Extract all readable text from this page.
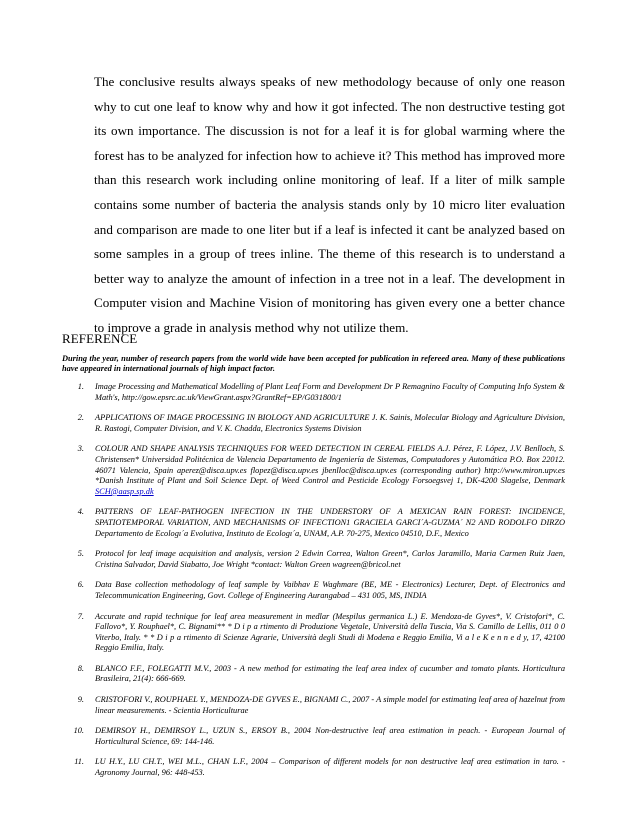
The conclusive results always speaks of new methodology because of only one reason why to cut one leaf to know why and how it got infected. The non destructive testing got its own importance. The discussion is not for a leaf it is for global warming where the forest has to be analyzed for infection how to achieve it? This method has improved more than this research work including online monitoring of leaf. If a liter of milk sample contains some number of bacteria the analysis stands only by 10 micro liter evaluation and comparison are made to one liter but if a leaf is infected it cant be analyzed based on some samples in a group of trees inline. The theme of this research is to understand a better way to analyze the amount of infection in a tree not in a leaf. The development in Computer vision and Machine Vision of monitoring has given every one a better chance to improve a grade in analysis method why not utilize them.

REFERENCE

During the year, number of research papers from the world wide have been accepted for publication in refereed area. Many of these publications have appeared in international journals of high impact factor.

1.	Image Processing and Mathematical Modelling of Plant Leaf Form and Development Dr P Remagnino Faculty of Computing Info System & Math's, http://gow.epsrc.ac.uk/ViewGrant.aspx?GrantRef=EP/G031800/1
2.	APPLICATIONS OF IMAGE PROCESSING IN BIOLOGY AND AGRICULTURE J. K. Sainis, Molecular Biology and Agriculture Division, R. Rastogi, Computer Division, and V. K. Chadda, Electronics Systems Division
3.	COLOUR AND SHAPE ANALYSIS TECHNIQUES FOR WEED DETECTION IN CEREAL FIELDS A.J. Pérez, F. López, J.V. Benlloch, S. Christensen* Universidad Politécnica de Valencia Departamento de Ingeniería de Sistemas, Computadores y Automática P.O. Box 22012. 46071 Valencia, Spain aperez@disca.upv.es flopez@disca.upv.es jbenlloc@disca.upv.es (corresponding author) http://www.miron.upv.es *Danish Institute of Plant and Soil Science Dept. of Weed Control and Pesticide Ecology Forsoegsvej 1, DK-4200 Slagelse, Denmark SCH@aasp.sp.dk
4.	PATTERNS OF LEAF-PATHOGEN INFECTION IN THE UNDERSTORY OF A MEXICAN RAIN FOREST: INCIDENCE, SPATIOTEMPORAL VARIATION, AND MECHANISMS OF INFECTION1 GRACIELA GARCI´A-GUZMA´ N2 AND RODOLFO DIRZO Departamento de Ecologı´a Evolutiva, Instituto de Ecologı´a, UNAM, A.P. 70-275, Mexico 04510, D.F., Mexico
5.	Protocol for leaf image acquisition and analysis, version 2 Edwin Correa, Walton Green*, Carlos Jaramillo, Maria Carmen Ruiz Jaen, Cristina Salvador, David Siabatto, Joe Wright *contact: Walton Green wagreen@bricol.net
6.	Data Base collection methodology of leaf sample by Vaibhav E Waghmare (BE, ME - Electronics) Lecturer, Dept. of Electronics and Telecommunication Engineering, Govt. College of Engineering Aurangabad – 431 005, MS, INDIA
7.	Accurate and rapid technique for leaf area measurement in medlar (Mespilus germanica L.) E. Mendoza-de Gyves*, V. Cristofori*, C. Fallovo*, Y. Rouphael*, C. Bignami** * D i p a rtimento di Produzione Vegetale, Università della Tuscia, Via S. Camillo de Lellis, 011 0 0 Viterbo, Italy. * * D i p a rtimento di Scienze Agrarie, Università degli Studi di Modena e Reggio Emilia, Vi a l e K e n n e d y, 17, 42100 Reggio Emilia, Italy.
8.	BLANCO F.F., FOLEGATTI M.V., 2003 - A new method for estimating the leaf area index of cucumber and tomato plants. Horticultura Brasileira, 21(4): 666-669.
9.	CRISTOFORI V., ROUPHAEL Y., MENDOZA-DE GYVES E., BIGNAMI C., 2007 - A simple model for estimating leaf area of hazelnut from linear measurements. - Scientia Horticulturae
10.	DEMIRSOY H., DEMIRSOY L., UZUN S., ERSOY B., 2004 Non-destructive leaf area estimation in peach. - European Journal of Horticultural Science, 69: 144-146.
11.	LU H.Y., LU CH.T., WEI M.L., CHAN L.F., 2004 – Comparison of different models for non destructive leaf area estimation in taro. - Agronomy Journal, 96: 448-453.
